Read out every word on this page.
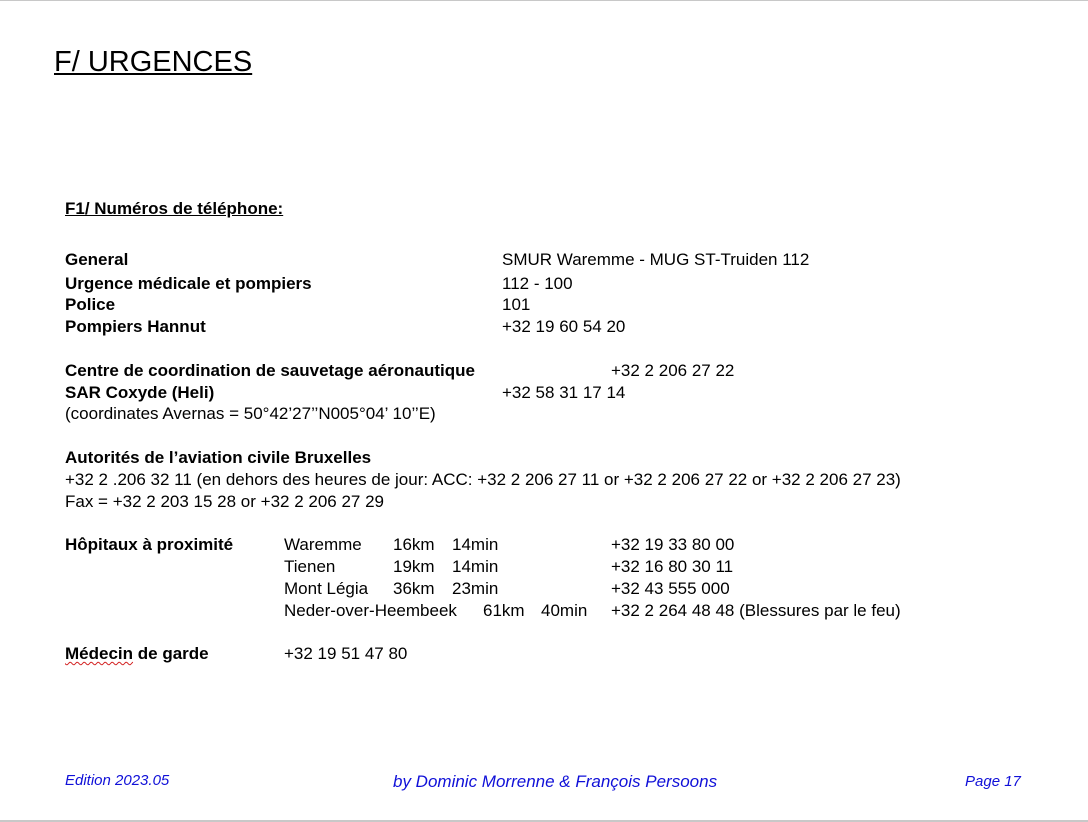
F/ URGENCES
F1/ Numéros de téléphone:
General	SMUR Waremme - MUG ST-Truiden 112
Urgence médicale et pompiers	112 - 100
Police	101
Pompiers Hannut	+32 19 60 54 20
Centre de coordination de sauvetage aéronautique	+32 2 206 27 22
SAR Coxyde (Heli)	+32 58 31 17 14
(coordinates Avernas = 50°42’27’’N005°04’ 10’’E)
Autorités de l’aviation civile Bruxelles
+32 2 .206 32 11 (en dehors des heures de jour: ACC: +32 2 206 27 11 or +32 2 206 27 22 or +32 2 206 27 23)
Fax = +32 2 203 15 28 or +32 2 206 27 29
Hôpitaux à proximité	Waremme 16km 14min	+32 19 33 80 00
Tienen	19km 14min	+32 16 80 30 11
Mont Légia 36km 23min	+32 43 555 000
Neder-over-Heembeek 61km 40min +32 2 264 48 48 (Blessures par le feu)
Médecin de garde	+32 19 51 47 80
Edition 2023.05	by Dominic Morrenne & François Persoons	Page 17
